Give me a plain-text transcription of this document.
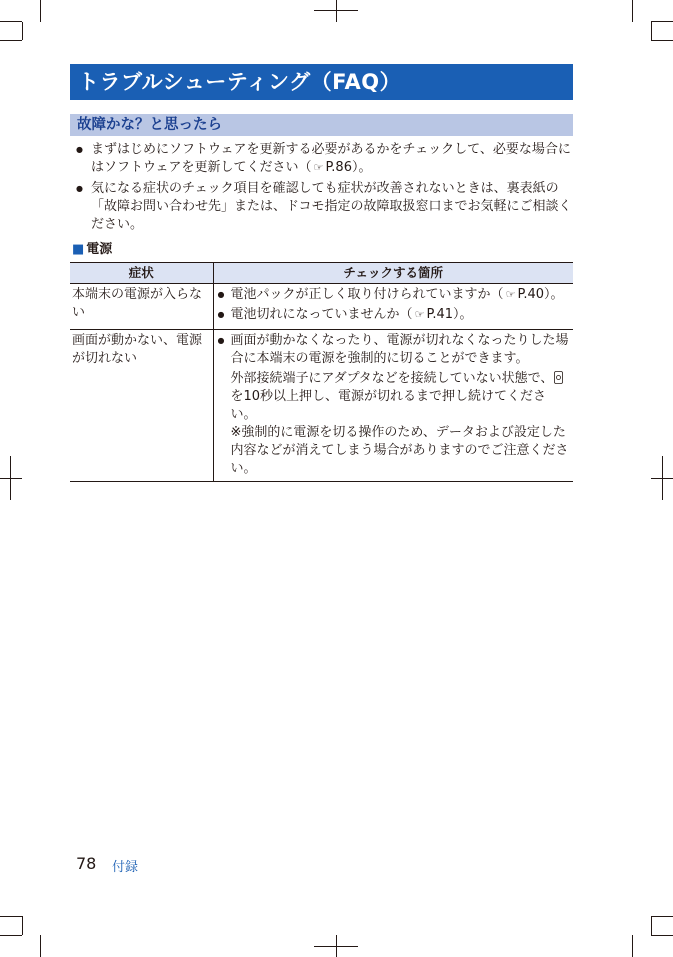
トラブルシューティング（FAQ）
故障かな？と思ったら
● まずはじめにソフトウェアを更新する必要があるかをチェックして、必要な場合にはソフトウェアを更新してください（ ☞ P.86）。
● 気になる症状のチェック項目を確認しても症状が改善されないときは、裏表紙の「故障お問い合わせ先」または、ドコモ指定の故障取扱窓口までお気軽にご相談ください。
■ 電源
症状	チェックする箇所
本端末の電源が入らない	● 電池パックが正しく取り付けられていますか（ ☞ P.40）。
● 電池切れになっていませんか（ ☞ P.41）。

画面が動かない、電源が切れない	● 画面が動かなくなったり、電源が切れなくなったりした場合に本端末の電源を強制的に切ることができます。
外部接続端子にアダプタなどを接続していない状態で、を10秒以上押し、電源が切れるまで押し続けてください。
※強制的に電源を切る操作のため、データおよび設定した内容などが消えてしまう場合がありますのでご注意ください。
78 付録
